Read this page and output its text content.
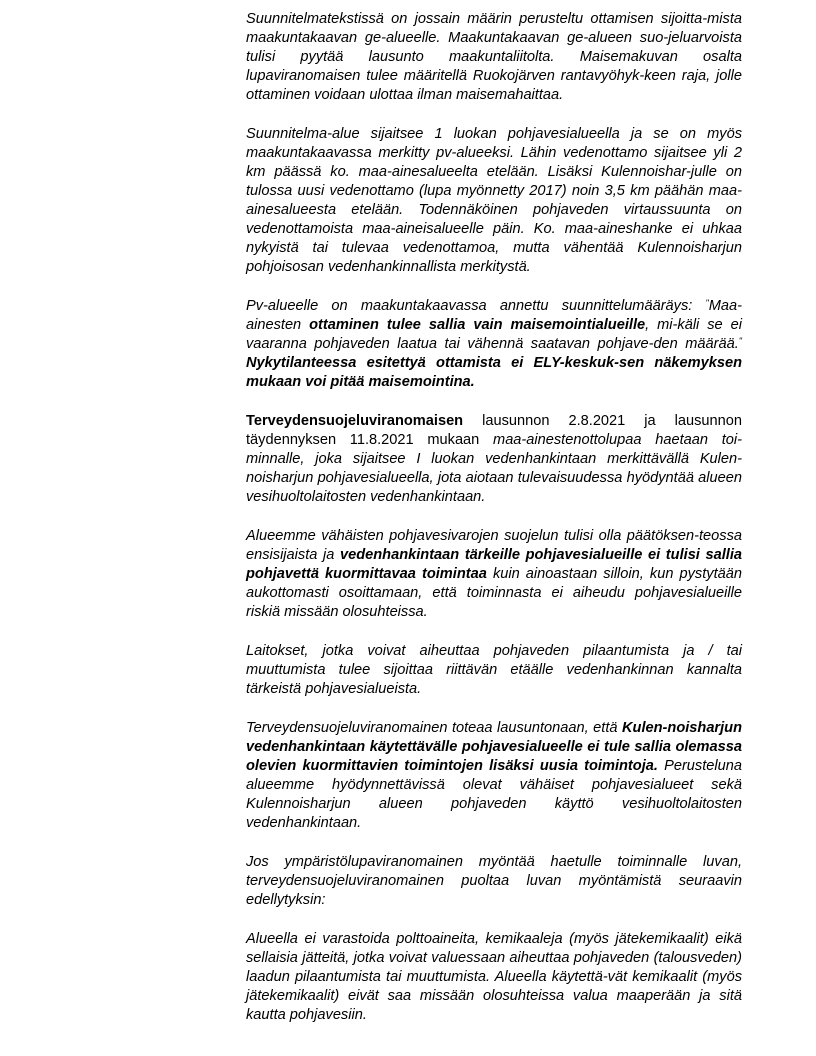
Suunnitelmatekstissä on jossain määrin perusteltu ottamisen sijoitta-mista maakuntakaavan ge-alueelle. Maakuntakaavan ge-alueen suo-jeluarvoista tulisi pyytää lausunto maakuntaliitolta. Maisemakuvan osalta lupaviranomaisen tulee määritellä Ruokojärven rantavyöhyk-keen raja, jolle ottaminen voidaan ulottaa ilman maisemahaittaa.

Suunnitelma-alue sijaitsee 1 luokan pohjavesialueella ja se on myös maakuntakaavassa merkitty pv-alueeksi. Lähin vedenottamo sijaitsee yli 2 km päässä ko. maa-ainesalueelta etelään. Lisäksi Kulennoishar-julle on tulossa uusi vedenottamo (lupa myönnetty 2017) noin 3,5 km päähän maa-ainesalueesta etelään. Todennäköinen pohjaveden virtaussuunta on vedenottamoista maa-aineisalueelle päin. Ko. maa-aineshanke ei uhkaa nykyistä tai tulevaa vedenottamoa, mutta vähentää Kulennoisharjun pohjoisosan vedenhankinnallista merkitystä.

Pv-alueelle on maakuntakaavassa annettu suunnittelumääräys: "Maa-ainesten ottaminen tulee sallia vain maisemointialueille, mi-käli se ei vaaranna pohjaveden laatua tai vähennä saatavan pohjave-den määrää." Nykytilanteessa esitettyä ottamista ei ELY-keskuk-sen näkemyksen mukaan voi pitää maisemointina.

Terveydensuojeluviranomaisen lausunnon 2.8.2021 ja lausunnon täydennyksen 11.8.2021 mukaan maa-ainestenottolupaa haetaan toi-minnalle, joka sijaitsee I luokan vedenhankintaan merkittävällä Kulen-noisharjun pohjavesialueella, jota aiotaan tulevaisuudessa hyödyntää alueen vesihuoltolaitosten vedenhankintaan.

Alueemme vähäisten pohjavesivarojen suojelun tulisi olla päätöksen-teossa ensisijaista ja vedenhankintaan tärkeille pohjavesialueille ei tulisi sallia pohjavettä kuormittavaa toimintaa kuin ainoastaan silloin, kun pystytään aukottomasti osoittamaan, että toiminnasta ei aiheudu pohjavesialueille riskiä missään olosuhteissa.

Laitokset, jotka voivat aiheuttaa pohjaveden pilaantumista ja / tai muuttumista tulee sijoittaa riittävän etäälle vedenhankinnan kannalta tärkeistä pohjavesialueista.

Terveydensuojeluviranomainen toteaa lausuntonaan, että Kulen-noisharjun vedenhankintaan käytettävälle pohjavesialueelle ei tule sallia olemassa olevien kuormittavien toimintojen lisäksi uusia toimintoja. Perusteluna alueemme hyödynnettävissä olevat vähäiset pohjavesialueet sekä Kulennoisharjun alueen pohjaveden käyttö vesihuoltolaitosten vedenhankintaan.

Jos ympäristölupaviranomainen myöntää haetulle toiminnalle luvan, terveydensuojeluviranomainen puoltaa luvan myöntämistä seuraavin edellytyksin:

Alueella ei varastoida polttoaineita, kemikaaleja (myös jätekemikaalit) eikä sellaisia jätteitä, jotka voivat valuessaan aiheuttaa pohjaveden (talousveden) laadun pilaantumista tai muuttumista. Alueella käytettä-vät kemikaalit (myös jätekemikaalit) eivät saa missään olosuhteissa valua maaperään ja sitä kautta pohjavesiin.
